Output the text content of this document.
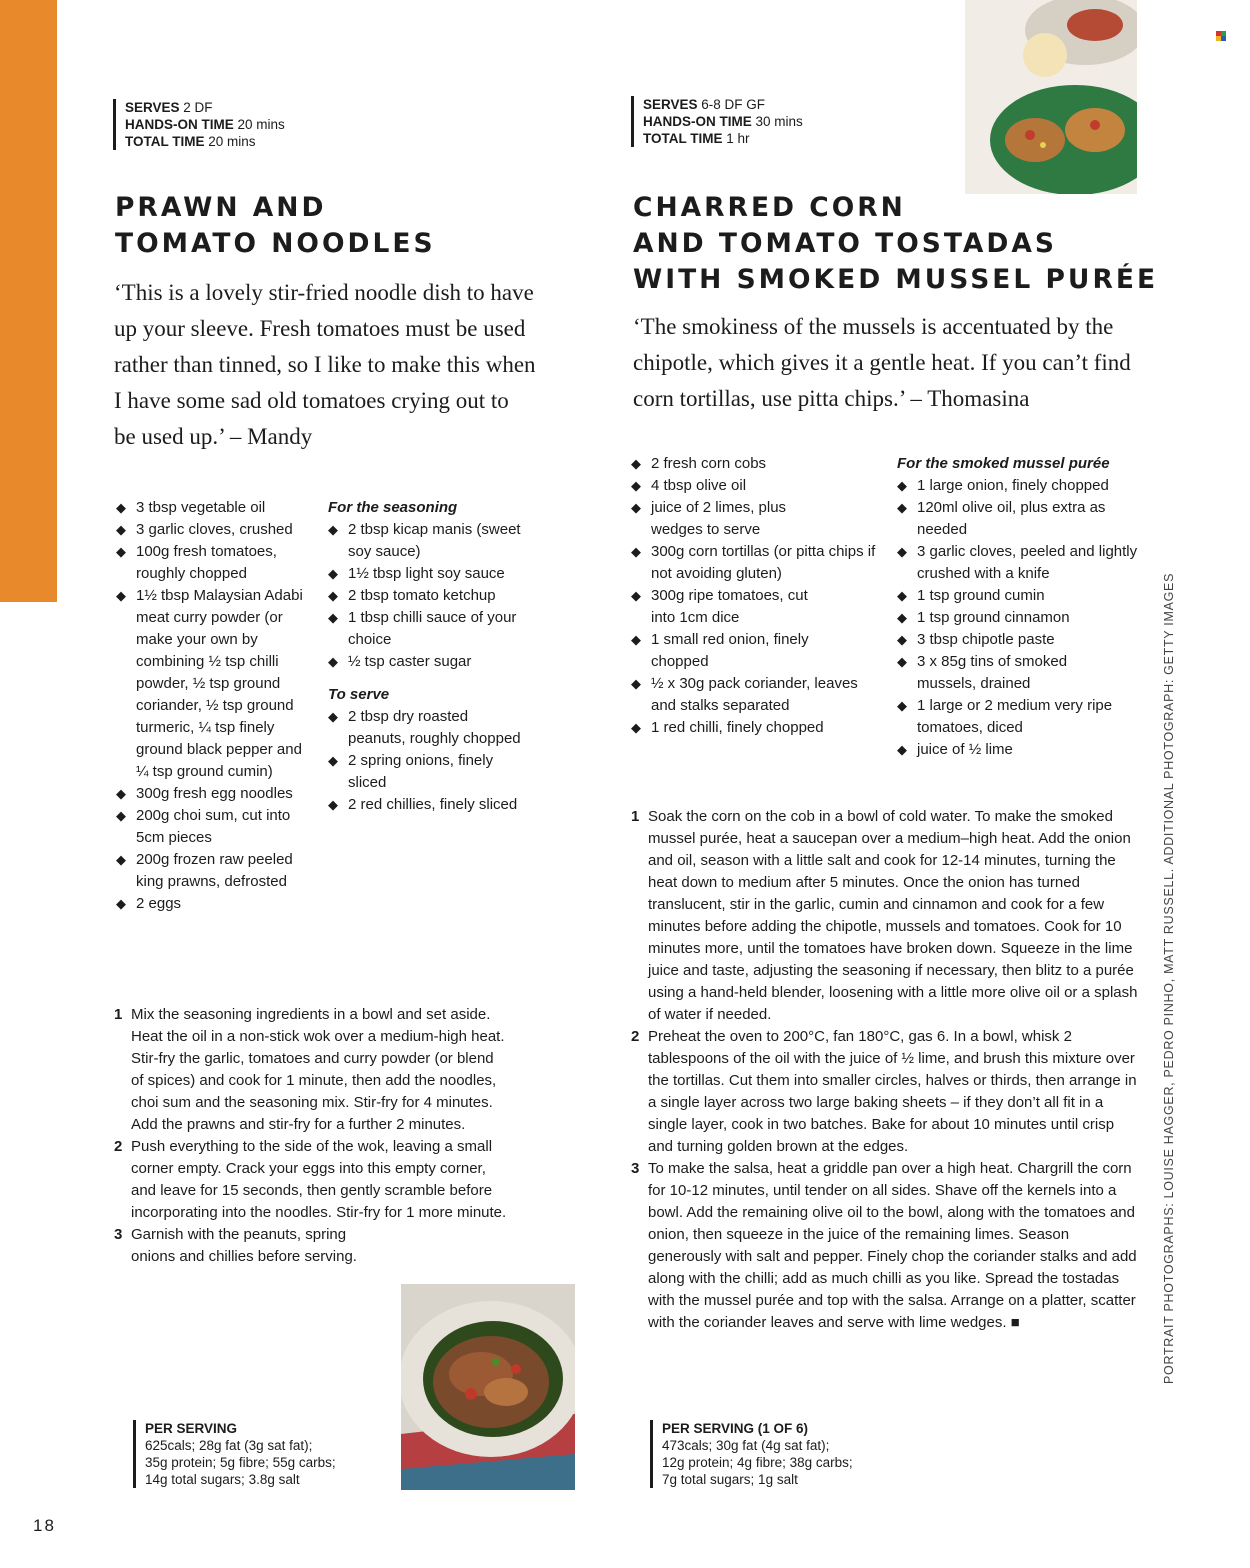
SERVES 2 DF
HANDS-ON TIME 20 mins
TOTAL TIME 20 mins
PRAWN AND
TOMATO NOODLES

‘This is a lovely stir-fried noodle dish to have up your sleeve. Fresh tomatoes must be used rather than tinned, so I like to make this when I have some sad old tomatoes crying out to be used up.’ – Mandy

◆ 3 tbsp vegetable oil
◆ 3 garlic cloves, crushed
◆ 100g fresh tomatoes, roughly chopped
◆ 1½ tbsp Malaysian Adabi meat curry powder (or make your own by combining ½ tsp chilli powder, ½ tsp ground coriander, ½ tsp ground turmeric, ¼ tsp finely ground black pepper and ¼ tsp ground cumin)
◆ 300g fresh egg noodles
◆ 200g choi sum, cut into 5cm pieces
◆ 200g frozen raw peeled king prawns, defrosted
◆ 2 eggs
For the seasoning
◆ 2 tbsp kicap manis (sweet soy sauce)
◆ 1½ tbsp light soy sauce
◆ 2 tbsp tomato ketchup
◆ 1 tbsp chilli sauce of your choice
◆ ½ tsp caster sugar
To serve
◆ 2 tbsp dry roasted peanuts, roughly chopped
◆ 2 spring onions, finely sliced
◆ 2 red chillies, finely sliced
1 Mix the seasoning ingredients in a bowl and set aside. Heat the oil in a non-stick wok over a medium-high heat. Stir-fry the garlic, tomatoes and curry powder (or blend of spices) and cook for 1 minute, then add the noodles, choi sum and the seasoning mix. Stir-fry for 4 minutes. Add the prawns and stir-fry for a further 2 minutes.
2 Push everything to the side of the wok, leaving a small corner empty. Crack your eggs into this empty corner, and leave for 15 seconds, then gently scramble before incorporating into the noodles. Stir-fry for 1 more minute.
3 Garnish with the peanuts, spring onions and chillies before serving.
PER SERVING
625cals; 28g fat (3g sat fat);
35g protein; 5g fibre; 55g carbs;
14g total sugars; 3.8g salt
SERVES 6-8 DF GF
HANDS-ON TIME 30 mins
TOTAL TIME 1 hr
CHARRED CORN
AND TOMATO TOSTADAS
WITH SMOKED MUSSEL PURÉE

‘The smokiness of the mussels is accentuated by the chipotle, which gives it a gentle heat. If you can’t find corn tortillas, use pitta chips.’ – Thomasina

◆ 2 fresh corn cobs
◆ 4 tbsp olive oil
◆ juice of 2 limes, plus wedges to serve
◆ 300g corn tortillas (or pitta chips if not avoiding gluten)
◆ 300g ripe tomatoes, cut into 1cm dice
◆ 1 small red onion, finely chopped
◆ ½ x 30g pack coriander, leaves and stalks separated
◆ 1 red chilli, finely chopped
For the smoked mussel purée
◆ 1 large onion, finely chopped
◆ 120ml olive oil, plus extra as needed
◆ 3 garlic cloves, peeled and lightly crushed with a knife
◆ 1 tsp ground cumin
◆ 1 tsp ground cinnamon
◆ 3 tbsp chipotle paste
◆ 3 x 85g tins of smoked mussels, drained
◆ 1 large or 2 medium very ripe tomatoes, diced
◆ juice of ½ lime
1 Soak the corn on the cob in a bowl of cold water. To make the smoked mussel purée, heat a saucepan over a medium–high heat. Add the onion and oil, season with a little salt and cook for 12-14 minutes, turning the heat down to medium after 5 minutes. Once the onion has turned translucent, stir in the garlic, cumin and cinnamon and cook for a few minutes before adding the chipotle, mussels and tomatoes. Cook for 10 minutes more, until the tomatoes have broken down. Squeeze in the lime juice and taste, adjusting the seasoning if necessary, then blitz to a purée using a hand-held blender, loosening with a little more olive oil or a splash of water if needed.
2 Preheat the oven to 200°C, fan 180°C, gas 6. In a bowl, whisk 2 tablespoons of the oil with the juice of ½ lime, and brush this mixture over the tortillas. Cut them into smaller circles, halves or thirds, then arrange in a single layer across two large baking sheets – if they don’t all fit in a single layer, cook in two batches. Bake for about 10 minutes until crisp and turning golden brown at the edges.
3 To make the salsa, heat a griddle pan over a high heat. Chargrill the corn for 10-12 minutes, until tender on all sides. Shave off the kernels into a bowl. Add the remaining olive oil to the bowl, along with the tomatoes and onion, then squeeze in the juice of the remaining limes. Season generously with salt and pepper. Finely chop the coriander stalks and add along with the chilli; add as much chilli as you like. Spread the tostadas with the mussel purée and top with the salsa. Arrange on a platter, scatter with the coriander leaves and serve with lime wedges. ■
PER SERVING (1 OF 6)
473cals; 30g fat (4g sat fat);
12g protein; 4g fibre; 38g carbs;
7g total sugars; 1g salt
PORTRAIT PHOTOGRAPHS: LOUISE HAGGER, PEDRO PINHO, MATT RUSSELL. ADDITIONAL PHOTOGRAPH: GETTY IMAGES
18
